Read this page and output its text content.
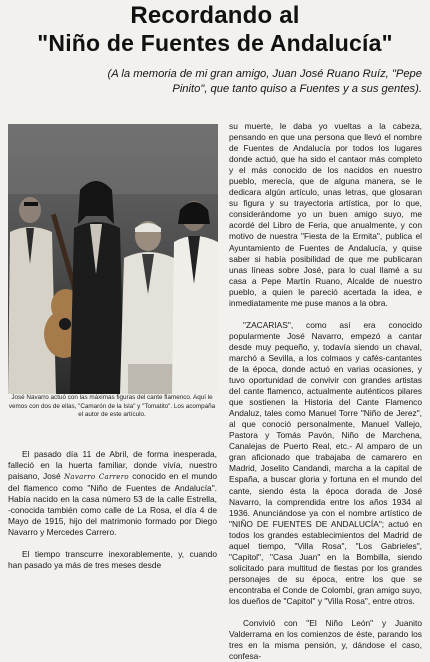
Recordando al
"Niño de Fuentes de Andalucía"
(A la memoria de mi gran amigo, Juan José Ruano Ruíz, "Pepe Pinito", que tanto quiso a Fuentes y a sus gentes).
José Navarro actuó con las máximas figuras del cante flamenco. Aquí le vemos con dos de ellas, "Camarón de la Isla" y "Tomatito". Los acompaña el autor de este artículo.

El pasado día 11 de Abril, de forma inesperada, falleció en la huerta familiar, donde vivía, nuestro paisano, José Navarro Carrero conocido en el mundo del flamenco como "Niño de Fuentes de Andalucía". Había nacido en la casa número 53 de la calle Estrella, -conocida también como calle de La Rosa, el día 4 de Mayo de 1915, hijo del matrimonio formado por Diego Navarro y Mercedes Carrero.

El tiempo transcurre inexorablemente, y, cuando han pasado ya más de tres meses desde

su muerte, le daba yo vueltas a la cabeza, pensando en que una persona que llevó el nombre de Fuentes de Andalucía por todos los lugares donde actuó, que ha sido el cantaor más completo y el más conocido de los nacidos en nuestro pueblo, merecía, que de alguna manera, se le dedicara algún artículo, unas letras, que glosaran su figura y su trayectoria artística, por lo que, considerándome yo un buen amigo suyo, me acordé del Libro de Feria, que anualmente, y con motivo de nuestra "Fiesta de la Ermita", publica el Ayuntamiento de Fuentes de Andalucía, y quise saber si había posibilidad de que me publicaran unas líneas sobre José, para lo cual llamé a su casa a Pepe Martín Ruano, Alcalde de nuestro pueblo, a quien le pareció acertada la idea, e inmediatamente me puse manos a la obra.

"ZACARIAS", como así era conocido popularmente José Navarro, empezó a cantar desde muy pequeño, y, todavía siendo un chaval, marchó a Sevilla, a los colmaos y cafés-cantantes de la época, donde actuó en varias ocasiones, y tuvo oportunidad de convivir con grandes artistas del cante flamenco, actualmente auténticos pilares que sostienen la Historia del Cante Flamenco Andaluz, tales como Manuel Torre "Niño de Jerez", al que conoció personalmente, Manuel Vallejo, Pastora y Tomás Pavón, Niño de Marchena, Canalejas de Puerto Real, etc.- Al amparo de un gran aficionado que trabajaba de camarero en Madrid, Joselito Candandi, marcha a la capital de España, a buscar gloria y fortuna en el mundo del cante, siendo ésta la época dorada de José Navarro, la comprendida entre los años 1934 al 1936. Anunciándose ya con el nombre artístico de "NIÑO DE FUENTES DE ANDALUCÍA"; actuó en todos los grandes establecimientos del Madrid de aquel tiempo, "Villa Rosa", "Los Gabrieles", "Capitol", "Casa Juan" en la Bombilla, siendo solicitado para multitud de fiestas por los grandes personajes de su época, entre los que se encontraba el Conde de Colombí, gran amigo suyo, los dueños de "Capitol" y "Villa Rosa", entre otros.

Convivió con "El Niño León" y Juanito Valderrama en los comienzos de éste, parando los tres en la misma pensión, y, dándose el caso, confesa-
